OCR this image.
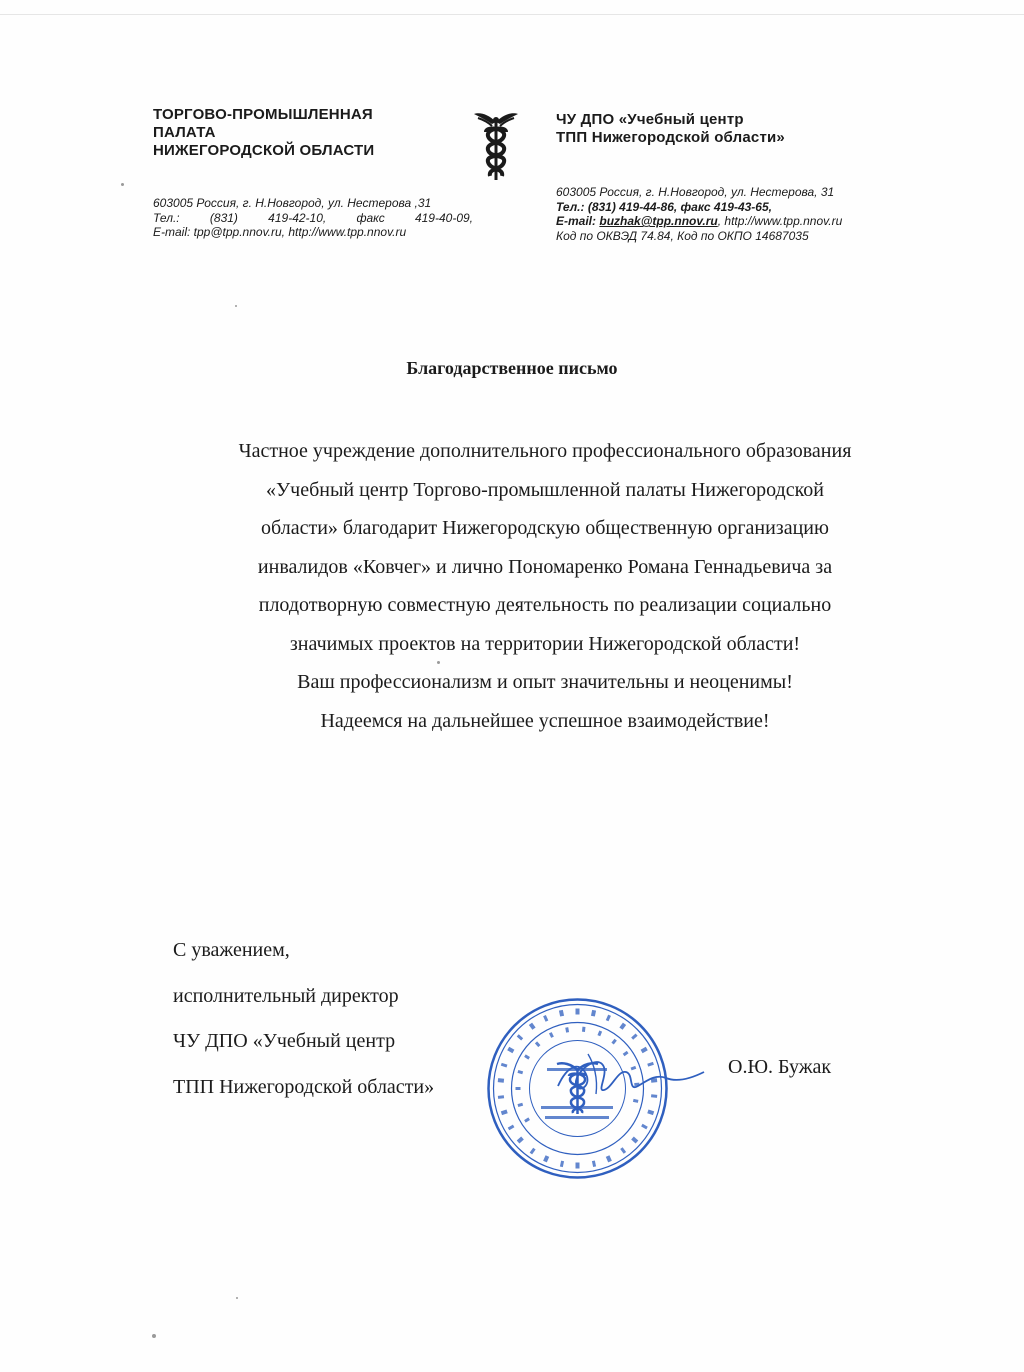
ТОРГОВО-ПРОМЫШЛЕННАЯ
ПАЛАТА
НИЖЕГОРОДСКОЙ ОБЛАСТИ
603005 Россия, г. Н.Новгород, ул. Нестерова ,31
Тел.:	(831)	419-42-10,	факс	419-40-09,
E-mail: tpp@tpp.nnov.ru, http://www.tpp.nnov.ru
ЧУ ДПО «Учебный центр
ТПП Нижегородской области»
603005 Россия, г. Н.Новгород, ул. Нестерова, 31
Тел.: (831) 419-44-86, факс 419-43-65,
E-mail: buzhak@tpp.nnov.ru, http://www.tpp.nnov.ru
Код по ОКВЭД 74.84, Код по ОКПО 14687035
Благодарственное письмо
Частное учреждение дополнительного профессионального образования
«Учебный центр Торгово-промышленной палаты Нижегородской
области» благодарит Нижегородскую общественную организацию
инвалидов «Ковчег» и лично Пономаренко Романа Геннадьевича за
плодотворную совместную деятельность по реализации социально
значимых проектов на территории Нижегородской области!
Ваш профессионализм и опыт значительны и неоценимы!
Надеемся на дальнейшее успешное взаимодействие!
С уважением,
исполнительный директор
ЧУ ДПО «Учебный центр
ТПП Нижегородской области»
О.Ю. Бужак
